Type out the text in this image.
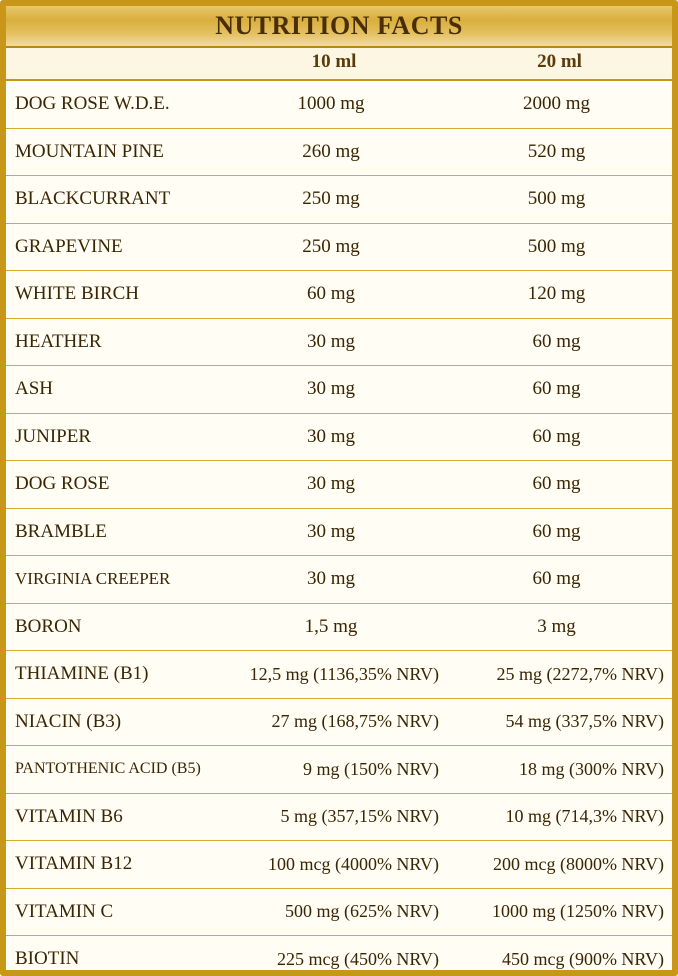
NUTRITION FACTS
	10 ml	20 ml
DOG ROSE W.D.E.	1000 mg	2000 mg
MOUNTAIN PINE	260 mg	520 mg
BLACKCURRANT	250 mg	500 mg
GRAPEVINE	250 mg	500 mg
WHITE BIRCH	60 mg	120 mg
HEATHER	30 mg	60 mg
ASH	30 mg	60 mg
JUNIPER	30 mg	60 mg
DOG ROSE	30 mg	60 mg
BRAMBLE	30 mg	60 mg
VIRGINIA CREEPER	30 mg	60 mg
BORON	1,5 mg	3 mg
THIAMINE (B1)	12,5 mg (1136,35% NRV)	25 mg (2272,7% NRV)
NIACIN (B3)	27 mg (168,75% NRV)	54 mg (337,5% NRV)
PANTOTHENIC ACID (B5)	9 mg (150% NRV)	18 mg (300% NRV)
VITAMIN B6	5 mg (357,15% NRV)	10 mg (714,3% NRV)
VITAMIN B12	100 mcg (4000% NRV)	200 mcg (8000% NRV)
VITAMIN C	500 mg (625% NRV)	1000 mg (1250% NRV)
BIOTIN	225 mcg (450% NRV)	450 mcg (900% NRV)
